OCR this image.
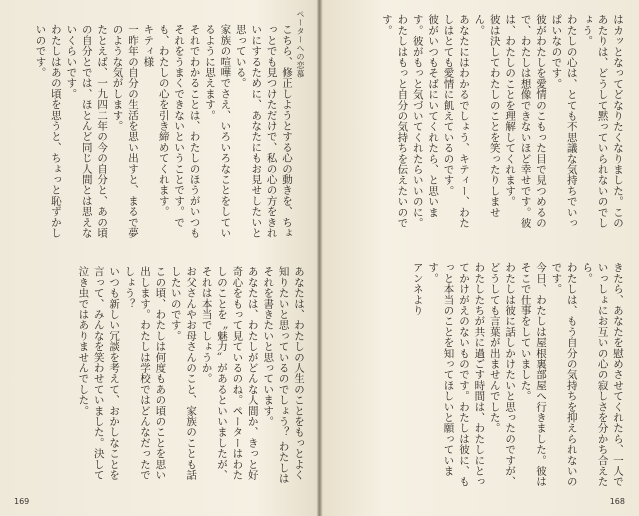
ペーターへの恋慕
こちら、修正しようとする心の動きを、ちょっとでも見つけただけで、私の心の方をきれいにするために、あなたにもお見せしたいと思っている。
家族の喧嘩でさえ、いろいろなことをしているように思えます。
それでわかることは、わたしのほうがいつもそれをうまくできないということです。でも、わたしの心を引き締めてくれます。
キティ様
一昨年の自分の生活を思い出すと、まるで夢のような気がします。
たとえば、一九四二年の今の自分と、あの頃の自分とでは、ほとんど同じ人間とは思えないくらいです。
わたしはあの頃を思うと、ちょっと恥ずかしいのです。
あなたは、わたしの人生のことをもっとよく知りたいと思っているのでしょう？ わたしはそれを書きたいと思っています。
あなたは、わたしがどんな人間か、きっと好奇心をもって見ているのね。ペーターはわたしのことを〝魅力〟があるといいましたが、それは本当でしょうか。
お父さんやお母さんのこと、家族のことも話したいのです。
この頃、わたしは何度もあの頃のことを思い出します。わたしは学校ではどんなだったでしょう？
いつも新しい冗談を考えて、おかしなことを言って、みんなを笑わせていました。決して泣き虫ではありませんでした。
169
はカッとなってどなりたくなりました。このあたりは、どうして黙っていられないのでしょう。
わたしの心は、とても不思議な気持ちでいっぱいなのです。
彼がわたしを愛情のこもった目で見つめるので、わたしは想像できないほど幸せです。彼は、わたしのことを理解してくれます。
彼は決してわたしのことを笑ったりしません。
あなたにはわかるでしょう、キティー、わたしはとても愛情に飢えているのです。
彼がいつもそばにいてくれたら、と思います。彼がもっと気づいてくれたらいいのに。
わたしはもっと自分の気持ちを伝えたいのです。
きたら、あなたを慰めさせてくれたら、一人でいっしょにお互いの心の寂しさを分かち合えたら。
わたしは、もう自分の気持ちを抑えられないのです。
今日、わたしは屋根裏部屋へ行きました。彼はそこで仕事をしていました。
わたしは彼に話しかけたいと思ったのですが、どうしても言葉が出ませんでした。
わたしたちが共に過ごす時間は、わたしにとってかけがえのないものです。わたしは彼に、もっと本当のことを知ってほしいと願っています。
アンネより
168
